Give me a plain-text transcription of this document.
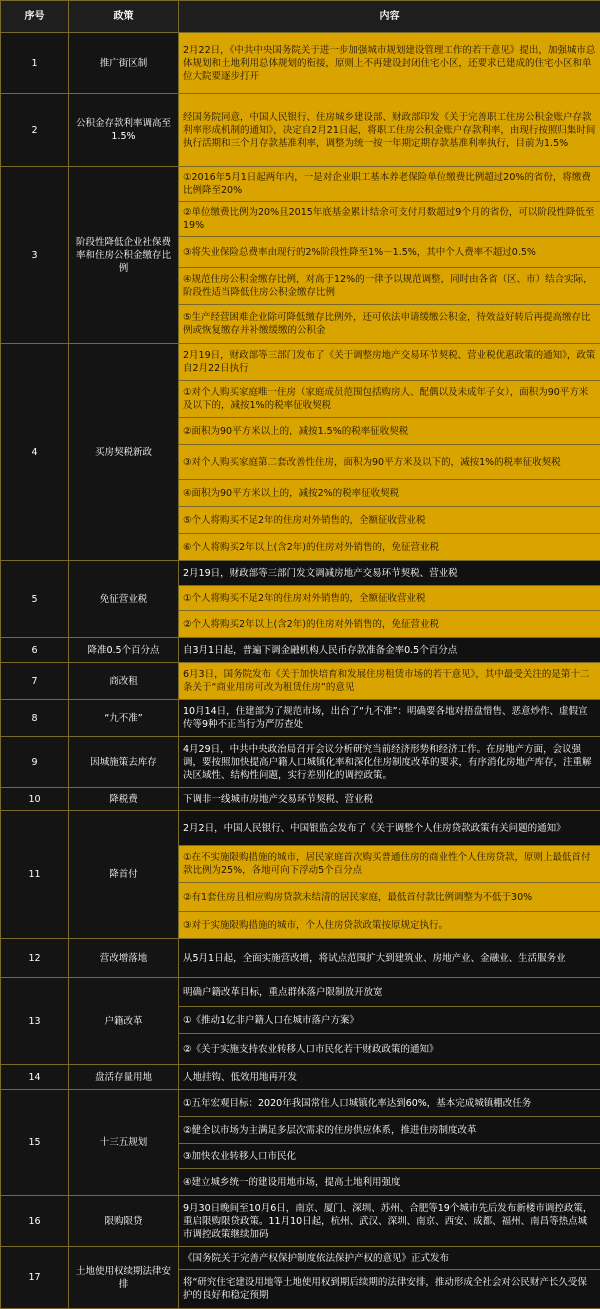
序号	政策	内容
1	推广街区制	2月22日，《中共中央国务院关于进一步加强城市规划建设管理工作的若干意见》提出，加强城市总体规划和土地利用总体规划的衔接，原则上不再建设封闭住宅小区，还要求已建成的住宅小区和单位大院要逐步打开
2	公积金存款利率调高至1.5%	经国务院同意，中国人民银行、住房城乡建设部、财政部印发《关于完善职工住房公积金账户存款利率形成机制的通知》，决定自2月21日起，将职工住房公积金账户存款利率，由现行按照归集时间执行活期和三个月存款基准利率，调整为统一按一年期定期存款基准利率执行，目前为1.5%
3	阶段性降低企业社保费率和住房公积金缴存比例	①2016年5月1日起两年内，一是对企业职工基本养老保险单位缴费比例超过20%的省份，将缴费比例降至20%
		②单位缴费比例为20%且2015年底基金累计结余可支付月数超过9个月的省份，可以阶段性降低至19%
		③将失业保险总费率由现行的2%阶段性降至1%－1.5%，其中个人费率不超过0.5%
		④规范住房公积金缴存比例，对高于12%的一律予以规范调整，同时由各省（区、市）结合实际，阶段性适当降低住房公积金缴存比例
		⑤生产经营困难企业除可降低缴存比例外，还可依法申请缓缴公积金，待效益好转后再提高缴存比例或恢复缴存并补缴缓缴的公积金
4	买房契税新政	2月19日，财政部等三部门发布了《关于调整房地产交易环节契税、营业税优惠政策的通知》，政策自2月22日执行
		①对个人购买家庭唯一住房（家庭成员范围包括购房人、配偶以及未成年子女），面积为90平方米及以下的，减按1%的税率征收契税
		②面积为90平方米以上的，减按1.5%的税率征收契税
		③对个人购买家庭第二套改善性住房，面积为90平方米及以下的，减按1%的税率征收契税
		④面积为90平方米以上的，减按2%的税率征收契税
		⑤个人将购买不足2年的住房对外销售的，全额征收营业税
		⑥个人将购买2年以上(含2年)的住房对外销售的，免征营业税
5	免征营业税	2月19日，财政部等三部门发文调减房地产交易环节契税、营业税
		①个人将购买不足2年的住房对外销售的，全额征收营业税
		②个人将购买2年以上(含2年)的住房对外销售的，免征营业税
6	降准0.5个百分点	自3月1日起，普遍下调金融机构人民币存款准备金率0.5个百分点
7	商改租	6月3日，国务院发布《关于加快培育和发展住房租赁市场的若干意见》，其中最受关注的是第十二条关于“商业用房可改为租赁住房”的意见
8	“九不准”	10月14日，住建部为了规范市场，出台了“九不准”：明确要各地对捂盘惜售、恶意炒作、虚假宣传等9种不正当行为严厉查处
9	因城施策去库存	4月29日，中共中央政治局召开会议分析研究当前经济形势和经济工作。在房地产方面，会议强调，要按照加快提高户籍人口城镇化率和深化住房制度改革的要求，有序消化房地产库存，注重解决区域性、结构性问题，实行差别化的调控政策。
10	降税费	下调非一线城市房地产交易环节契税、营业税
11	降首付	2月2日，中国人民银行、中国银监会发布了《关于调整个人住房贷款政策有关问题的通知》
		①在不实施限购措施的城市，居民家庭首次购买普通住房的商业性个人住房贷款，原则上最低首付款比例为25%，各地可向下浮动5个百分点
		②有1套住房且相应购房贷款未结清的居民家庭，最低首付款比例调整为不低于30%
		③对于实施限购措施的城市，个人住房贷款政策按原规定执行。
12	营改增落地	从5月1日起，全面实施营改增，将试点范围扩大到建筑业、房地产业、金融业、生活服务业
13	户籍改革	明确户籍改革目标，重点群体落户限制放开放宽
		①《推动1亿非户籍人口在城市落户方案》
		②《关于实施支持农业转移人口市民化若干财政政策的通知》
14	盘活存量用地	人地挂钩、低效用地再开发
15	十三五规划	①五年宏观目标：2020年我国常住人口城镇化率达到60%，基本完成城镇棚改任务
		②健全以市场为主满足多层次需求的住房供应体系，推进住房制度改革
		③加快农业转移人口市民化
		④建立城乡统一的建设用地市场，提高土地利用强度
16	限购限贷	9月30日晚间至10月6日，南京、厦门、深圳、苏州、合肥等19个城市先后发布新楼市调控政策，重启限购限贷政策。11月10日起，杭州、武汉、深圳、南京、西安、成都、福州、南昌等热点城市调控政策继续加码
17	土地使用权续期法律安排	《国务院关于完善产权保护制度依法保护产权的意见》正式发布
		将“研究住宅建设用地等土地使用权到期后续期的法律安排，推动形成全社会对公民财产长久受保护的良好和稳定预期
